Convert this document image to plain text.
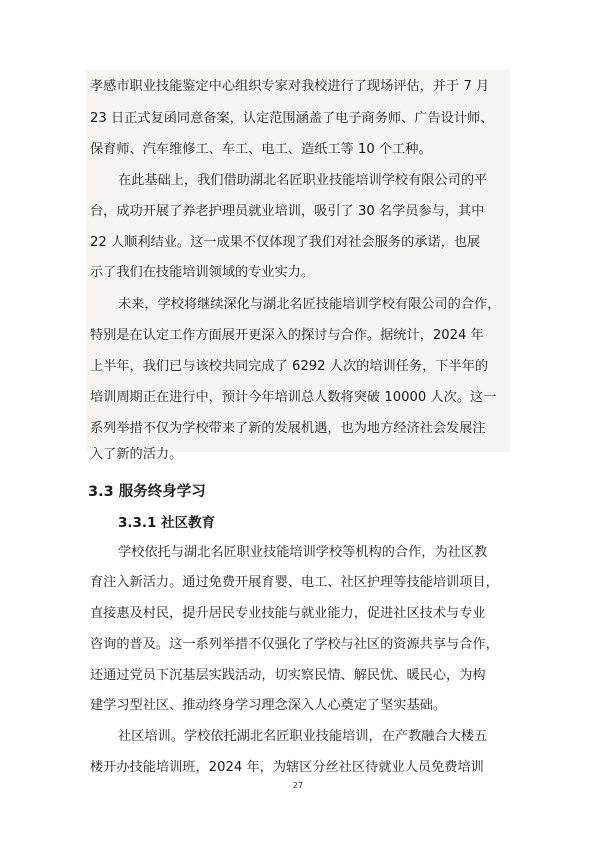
孝感市职业技能鉴定中心组织专家对我校进行了现场评估，并于 7 月
23 日正式复函同意备案，认定范围涵盖了电子商务师、广告设计师、
保育师、汽车维修工、车工、电工、造纸工等 10 个工种。
在此基础上，我们借助湖北名匠职业技能培训学校有限公司的平
台，成功开展了养老护理员就业培训，吸引了 30 名学员参与，其中
22 人顺利结业。这一成果不仅体现了我们对社会服务的承诺，也展
示了我们在技能培训领域的专业实力。
未来，学校将继续深化与湖北名匠技能培训学校有限公司的合作，
特别是在认定工作方面展开更深入的探讨与合作。据统计，2024 年
上半年，我们已与该校共同完成了 6292 人次的培训任务，下半年的
培训周期正在进行中，预计今年培训总人数将突破 10000 人次。这一
系列举措不仅为学校带来了新的发展机遇，也为地方经济社会发展注
入了新的活力。
3.3 服务终身学习
3.3.1 社区教育
学校依托与湖北名匠职业技能培训学校等机构的合作，为社区教
育注入新活力。通过免费开展育婴、电工、社区护理等技能培训项目，
直接惠及村民，提升居民专业技能与就业能力，促进社区技术与专业
咨询的普及。这一系列举措不仅强化了学校与社区的资源共享与合作，
还通过党员下沉基层实践活动，切实察民情、解民忧、暖民心，为构
建学习型社区、推动终身学习理念深入人心奠定了坚实基础。
社区培训。学校依托湖北名匠职业技能培训，在产教融合大楼五
楼开办技能培训班，2024 年，为辖区分丝社区待就业人员免费培训
27
